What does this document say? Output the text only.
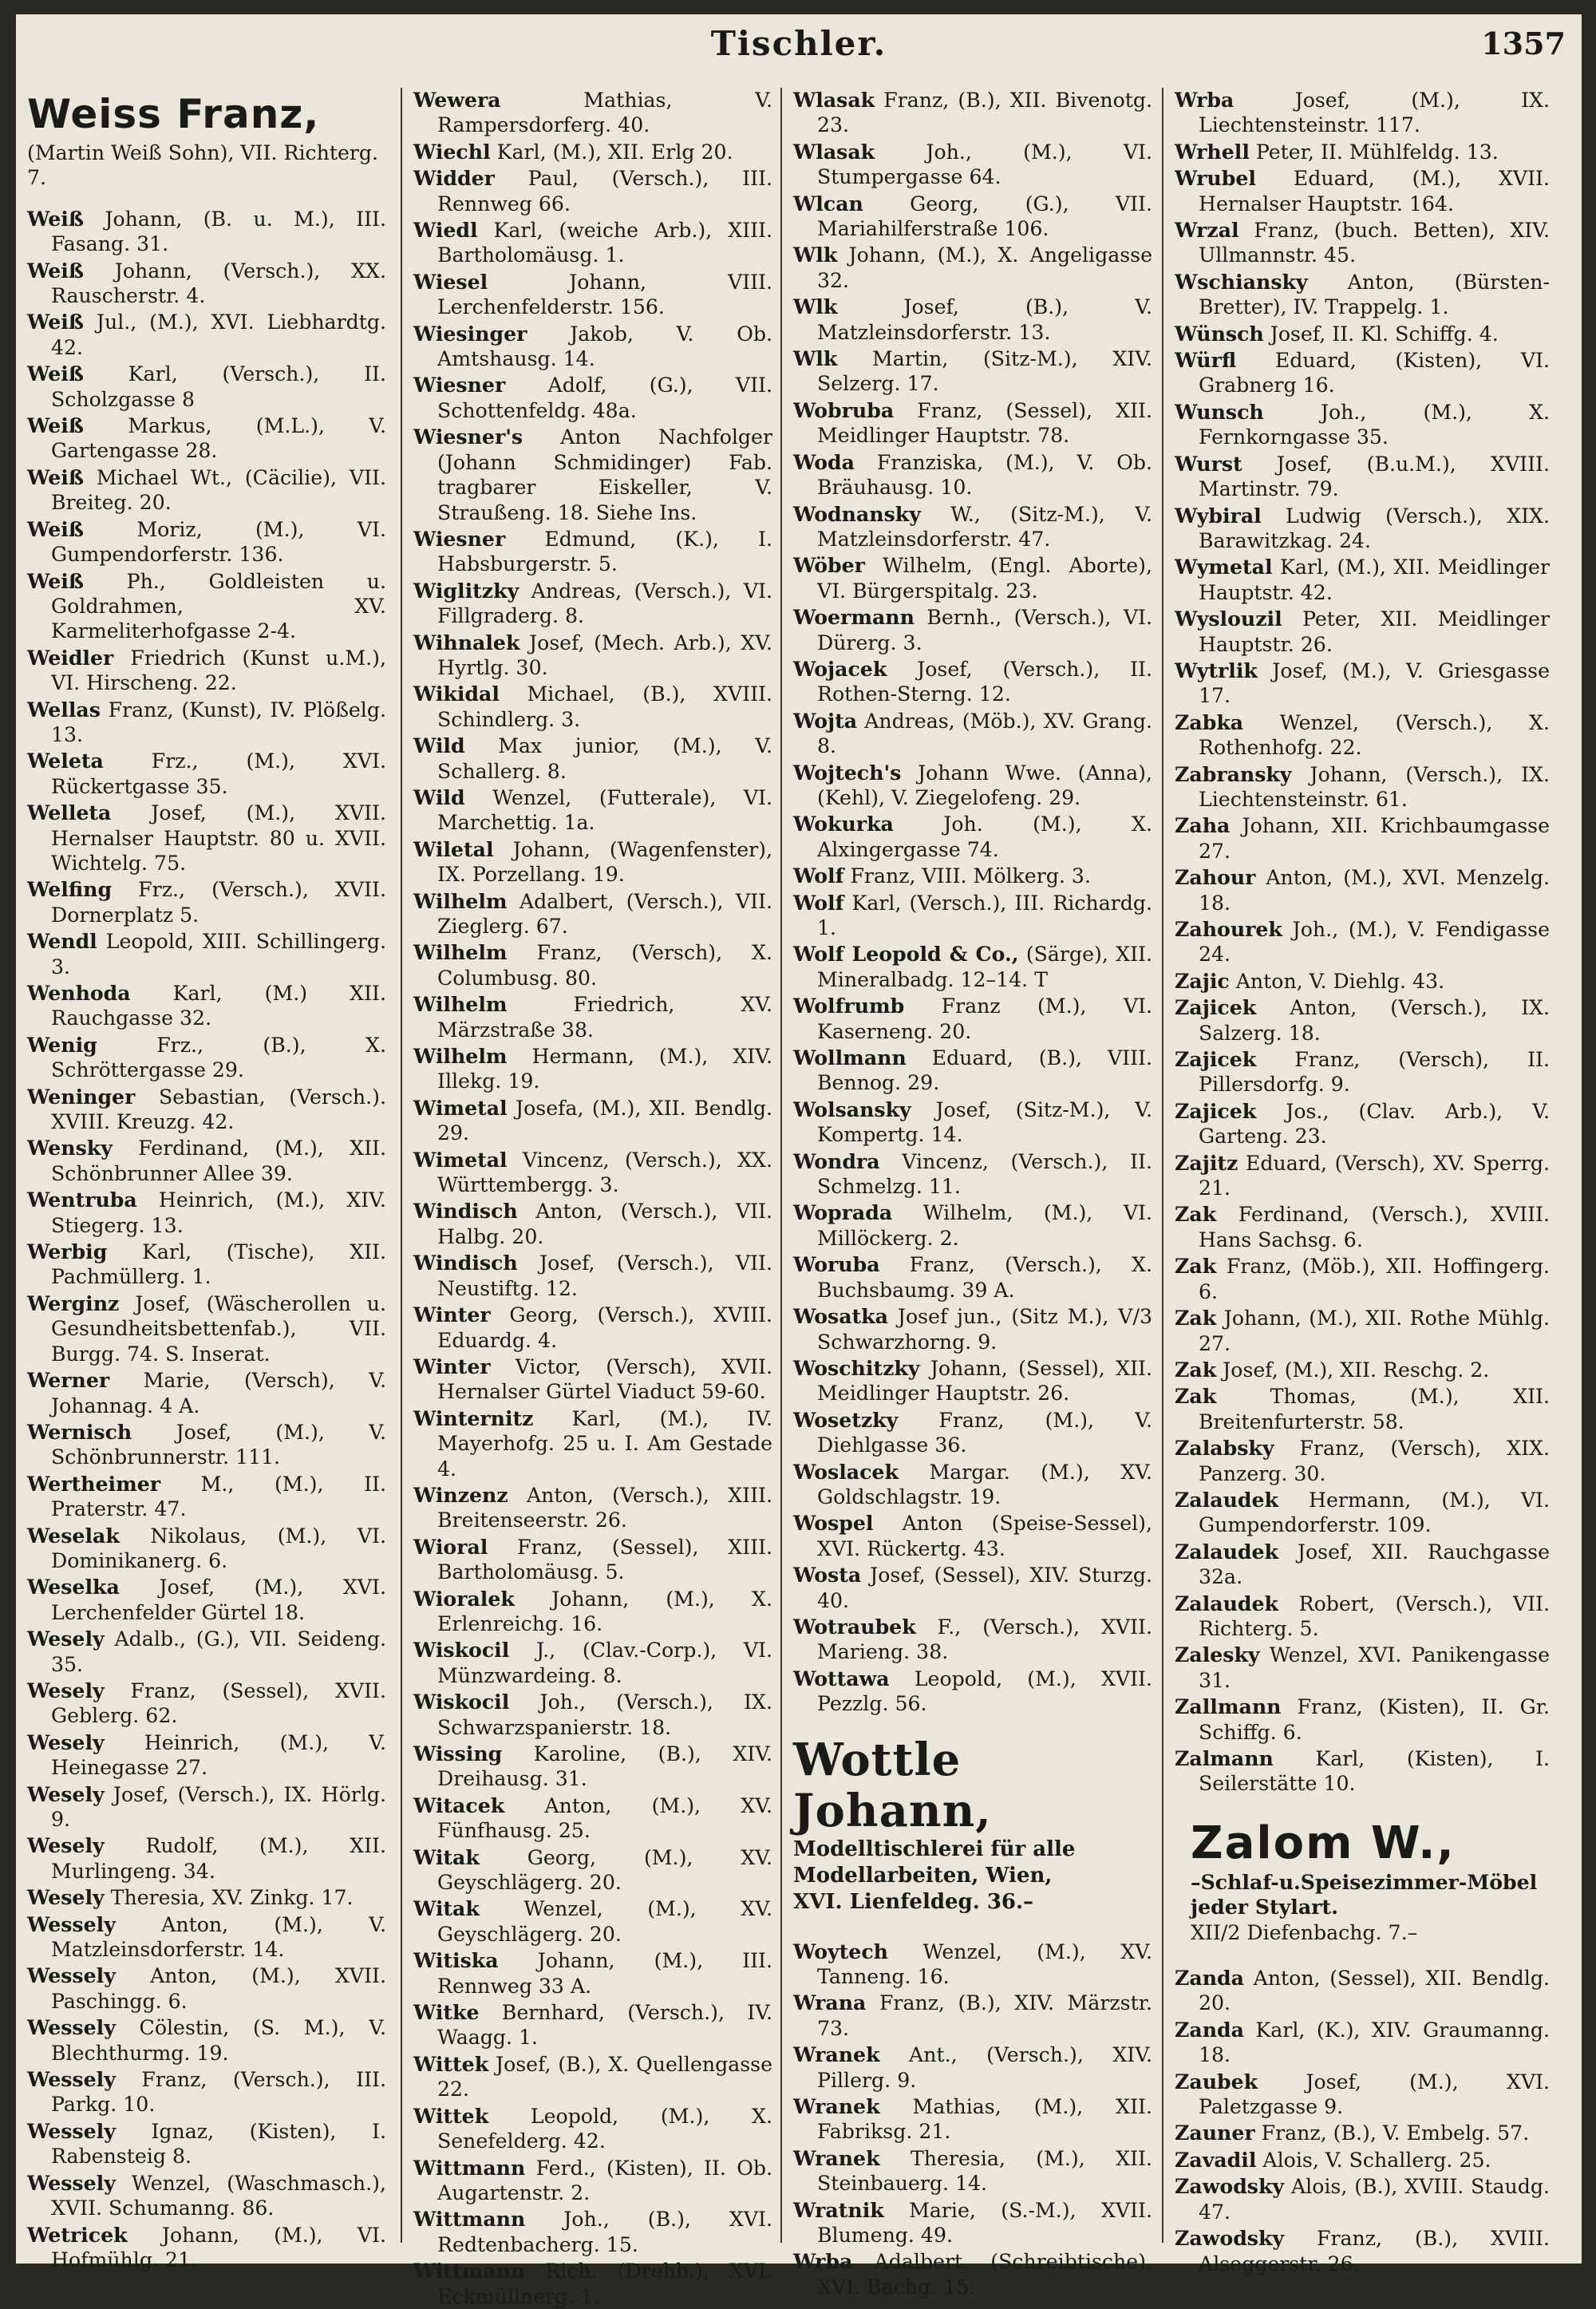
Tischler.	1357
Weiss Franz,
(Martin Weiß Sohn), VII. Richterg. 7.

Weiß Johann, (B. u. M.), III. Fasang. 31.

Weiß Johann, (Versch.), XX. Rauscherstr. 4.

Weiß Jul., (M.), XVI. Liebhardtg. 42.

Weiß Karl, (Versch.), II. Scholzgasse 8

Weiß Markus, (M.L.), V. Gartengasse 28.

Weiß Michael Wt., (Cäcilie), VII. Breiteg. 20.

Weiß Moriz, (M.), VI. Gumpendorferstr. 136.

Weiß Ph., Goldleisten u. Goldrahmen, XV. Karmeliterhofgasse 2-4.

Weidler Friedrich (Kunst u.M.), VI. Hirscheng. 22.

Wellas Franz, (Kunst), IV. Plößelg. 13.

Weleta Frz., (M.), XVI. Rückertgasse 35.

Welleta Josef, (M.), XVII. Hernalser Hauptstr. 80 u. XVII. Wichtelg. 75.

Welfing Frz., (Versch.), XVII. Dornerplatz 5.

Wendl Leopold, XIII. Schillingerg. 3.

Wenhoda Karl, (M.) XII. Rauchgasse 32.

Wenig Frz., (B.), X. Schröttergasse 29.

Weninger Sebastian, (Versch.). XVIII. Kreuzg. 42.

Wensky Ferdinand, (M.), XII. Schönbrunner Allee 39.

Wentruba Heinrich, (M.), XIV. Stiegerg. 13.

Werbig Karl, (Tische), XII. Pachmüllerg. 1.

Werginz Josef, (Wäscherollen u. Gesundheitsbettenfab.), VII. Burgg. 74. S. Inserat.

Werner Marie, (Versch), V. Johannag. 4 A.

Wernisch Josef, (M.), V. Schönbrunnerstr. 111.

Wertheimer M., (M.), II. Praterstr. 47.

Weselak Nikolaus, (M.), VI. Dominikanerg. 6.

Weselka Josef, (M.), XVI. Lerchenfelder Gürtel 18.

Wesely Adalb., (G.), VII. Seideng. 35.

Wesely Franz, (Sessel), XVII. Geblerg. 62.

Wesely Heinrich, (M.), V. Heinegasse 27.

Wesely Josef, (Versch.), IX. Hörlg. 9.

Wesely Rudolf, (M.), XII. Murlingeng. 34.

Wesely Theresia, XV. Zinkg. 17.

Wessely Anton, (M.), V. Matzleinsdorferstr. 14.

Wessely Anton, (M.), XVII. Paschingg. 6.

Wessely Cölestin, (S. M.), V. Blechthurmg. 19.

Wessely Franz, (Versch.), III. Parkg. 10.

Wessely Ignaz, (Kisten), I. Rabensteig 8.

Wessely Wenzel, (Waschmasch.), XVII. Schumanng. 86.

Wetricek Johann, (M.), VI. Hofmühlg. 21.

Wewera Mathias, V. Rampersdorferg. 40.

Wiechl Karl, (M.), XII. Erlg 20.

Widder Paul, (Versch.), III. Rennweg 66.

Wiedl Karl, (weiche Arb.), XIII. Bartholomäusg. 1.

Wiesel Johann, VIII. Lerchenfelderstr. 156.

Wiesinger Jakob, V. Ob. Amtshausg. 14.

Wiesner Adolf, (G.), VII. Schottenfeldg. 48a.

Wiesner's Anton Nachfolger (Johann Schmidinger) Fab. tragbarer Eiskeller, V. Straußeng. 18. Siehe Ins.

Wiesner Edmund, (K.), I. Habsburgerstr. 5.

Wiglitzky Andreas, (Versch.), VI. Fillgraderg. 8.

Wihnalek Josef, (Mech. Arb.), XV. Hyrtlg. 30.

Wikidal Michael, (B.), XVIII. Schindlerg. 3.

Wild Max junior, (M.), V. Schallerg. 8.

Wild Wenzel, (Futterale), VI. Marchettig. 1a.

Wiletal Johann, (Wagenfenster), IX. Porzellang. 19.

Wilhelm Adalbert, (Versch.), VII. Zieglerg. 67.

Wilhelm Franz, (Versch), X. Columbusg. 80.

Wilhelm Friedrich, XV. Märzstraße 38.

Wilhelm Hermann, (M.), XIV. Illekg. 19.

Wimetal Josefa, (M.), XII. Bendlg. 29.

Wimetal Vincenz, (Versch.), XX. Württembergg. 3.

Windisch Anton, (Versch.), VII. Halbg. 20.

Windisch Josef, (Versch.), VII. Neustiftg. 12.

Winter Georg, (Versch.), XVIII. Eduardg. 4.

Winter Victor, (Versch), XVII. Hernalser Gürtel Viaduct 59-60.

Winternitz Karl, (M.), IV. Mayerhofg. 25 u. I. Am Gestade 4.

Winzenz Anton, (Versch.), XIII. Breitenseerstr. 26.

Wioral Franz, (Sessel), XIII. Bartholomäusg. 5.

Wioralek Johann, (M.), X. Erlenreichg. 16.

Wiskocil J., (Clav.-Corp.), VI. Münzwardeing. 8.

Wiskocil Joh., (Versch.), IX. Schwarzspanierstr. 18.

Wissing Karoline, (B.), XIV. Dreihausg. 31.

Witacek Anton, (M.), XV. Fünfhausg. 25.

Witak Georg, (M.), XV. Geyschlägerg. 20.

Witak Wenzel, (M.), XV. Geyschlägerg. 20.

Witiska Johann, (M.), III. Rennweg 33 A.

Witke Bernhard, (Versch.), IV. Waagg. 1.

Wittek Josef, (B.), X. Quellengasse 22.

Wittek Leopold, (M.), X. Senefelderg. 42.

Wittmann Ferd., (Kisten), II. Ob. Augartenstr. 2.

Wittmann Joh., (B.), XVI. Redtenbacherg. 15.

Wittmann Rich. (Drehb.), XVI. Eckmüllnerg. 1.

Wlasak Franz, (B.), XII. Bivenotg. 23.

Wlasak Joh., (M.), VI. Stumpergasse 64.

Wlcan Georg, (G.), VII. Mariahilferstraße 106.

Wlk Johann, (M.), X. Angeligasse 32.

Wlk Josef, (B.), V. Matzleinsdorferstr. 13.

Wlk Martin, (Sitz-M.), XIV. Selzerg. 17.

Wobruba Franz, (Sessel), XII. Meidlinger Hauptstr. 78.

Woda Franziska, (M.), V. Ob. Bräuhausg. 10.

Wodnansky W., (Sitz-M.), V. Matzleinsdorferstr. 47.

Wöber Wilhelm, (Engl. Aborte), VI. Bürgerspitalg. 23.

Woermann Bernh., (Versch.), VI. Dürerg. 3.

Wojacek Josef, (Versch.), II. Rothen-Sterng. 12.

Wojta Andreas, (Möb.), XV. Grang. 8.

Wojtech's Johann Wwe. (Anna), (Kehl), V. Ziegelofeng. 29.

Wokurka Joh. (M.), X. Alxingergasse 74.

Wolf Franz, VIII. Mölkerg. 3.

Wolf Karl, (Versch.), III. Richardg. 1.

Wolf Leopold & Co., (Särge), XII. Mineralbadg. 12–14. T

Wolfrumb Franz (M.), VI. Kaserneng. 20.

Wollmann Eduard, (B.), VIII. Bennog. 29.

Wolsansky Josef, (Sitz-M.), V. Kompertg. 14.

Wondra Vincenz, (Versch.), II. Schmelzg. 11.

Woprada Wilhelm, (M.), VI. Millöckerg. 2.

Woruba Franz, (Versch.), X. Buchsbaumg. 39 A.

Wosatka Josef jun., (Sitz M.), V/3 Schwarzhorng. 9.

Woschitzky Johann, (Sessel), XII. Meidlinger Hauptstr. 26.

Wosetzky Franz, (M.), V. Diehlgasse 36.

Woslacek Margar. (M.), XV. Goldschlagstr. 19.

Wospel Anton (Speise-Sessel), XVI. Rückertg. 43.

Wosta Josef, (Sessel), XIV. Sturzg. 40.

Wotraubek F., (Versch.), XVII. Marieng. 38.

Wottawa Leopold, (M.), XVII. Pezzlg. 56.

Wottle Johann,
Modelltischlerei für alle Modellarbeiten, Wien,
XVI. Lienfeldeg. 36.–

Woytech Wenzel, (M.), XV. Tanneng. 16.

Wrana Franz, (B.), XIV. Märzstr. 73.

Wranek Ant., (Versch.), XIV. Pillerg. 9.

Wranek Mathias, (M.), XII. Fabriksg. 21.

Wranek Theresia, (M.), XII. Steinbauerg. 14.

Wratnik Marie, (S.-M.), XVII. Blumeng. 49.

Wrba Adalbert, (Schreibtische), XVI. Bachg. 15.

Wrba Josef, (M.), IX. Liechtensteinstr. 117.

Wrhell Peter, II. Mühlfeldg. 13.

Wrubel Eduard, (M.), XVII. Hernalser Hauptstr. 164.

Wrzal Franz, (buch. Betten), XIV. Ullmannstr. 45.

Wschiansky Anton, (Bürsten-Bretter), IV. Trappelg. 1.

Wünsch Josef, II. Kl. Schiffg. 4.

Würfl Eduard, (Kisten), VI. Grabnerg 16.

Wunsch Joh., (M.), X. Fernkorngasse 35.

Wurst Josef, (B.u.M.), XVIII. Martinstr. 79.

Wybiral Ludwig (Versch.), XIX. Barawitzkag. 24.

Wymetal Karl, (M.), XII. Meidlinger Hauptstr. 42.

Wyslouzil Peter, XII. Meidlinger Hauptstr. 26.

Wytrlik Josef, (M.), V. Griesgasse 17.

Zabka Wenzel, (Versch.), X. Rothenhofg. 22.

Zabransky Johann, (Versch.), IX. Liechtensteinstr. 61.

Zaha Johann, XII. Krichbaumgasse 27.

Zahour Anton, (M.), XVI. Menzelg. 18.

Zahourek Joh., (M.), V. Fendigasse 24.

Zajic Anton, V. Diehlg. 43.

Zajicek Anton, (Versch.), IX. Salzerg. 18.

Zajicek Franz, (Versch), II. Pillersdorfg. 9.

Zajicek Jos., (Clav. Arb.), V. Garteng. 23.

Zajitz Eduard, (Versch), XV. Sperrg. 21.

Zak Ferdinand, (Versch.), XVIII. Hans Sachsg. 6.

Zak Franz, (Möb.), XII. Hoffingerg. 6.

Zak Johann, (M.), XII. Rothe Mühlg. 27.

Zak Josef, (M.), XII. Reschg. 2.

Zak Thomas, (M.), XII. Breitenfurterstr. 58.

Zalabsky Franz, (Versch), XIX. Panzerg. 30.

Zalaudek Hermann, (M.), VI. Gumpendorferstr. 109.

Zalaudek Josef, XII. Rauchgasse 32a.

Zalaudek Robert, (Versch.), VII. Richterg. 5.

Zalesky Wenzel, XVI. Panikengasse 31.

Zallmann Franz, (Kisten), II. Gr. Schiffg. 6.

Zalmann Karl, (Kisten), I. Seilerstätte 10.

Zalom W.,
–Schlaf-u.Speisezimmer-Möbel jeder Stylart.
XII/2 Diefenbachg. 7.–

Zanda Anton, (Sessel), XII. Bendlg. 20.

Zanda Karl, (K.), XIV. Graumanng. 18.

Zaubek Josef, (M.), XVI. Paletzgasse 9.

Zauner Franz, (B.), V. Embelg. 57.

Zavadil Alois, V. Schallerg. 25.

Zawodsky Alois, (B.), XVIII. Staudg. 47.

Zawodsky Franz, (B.), XVIII. Alseggerstr. 26.
